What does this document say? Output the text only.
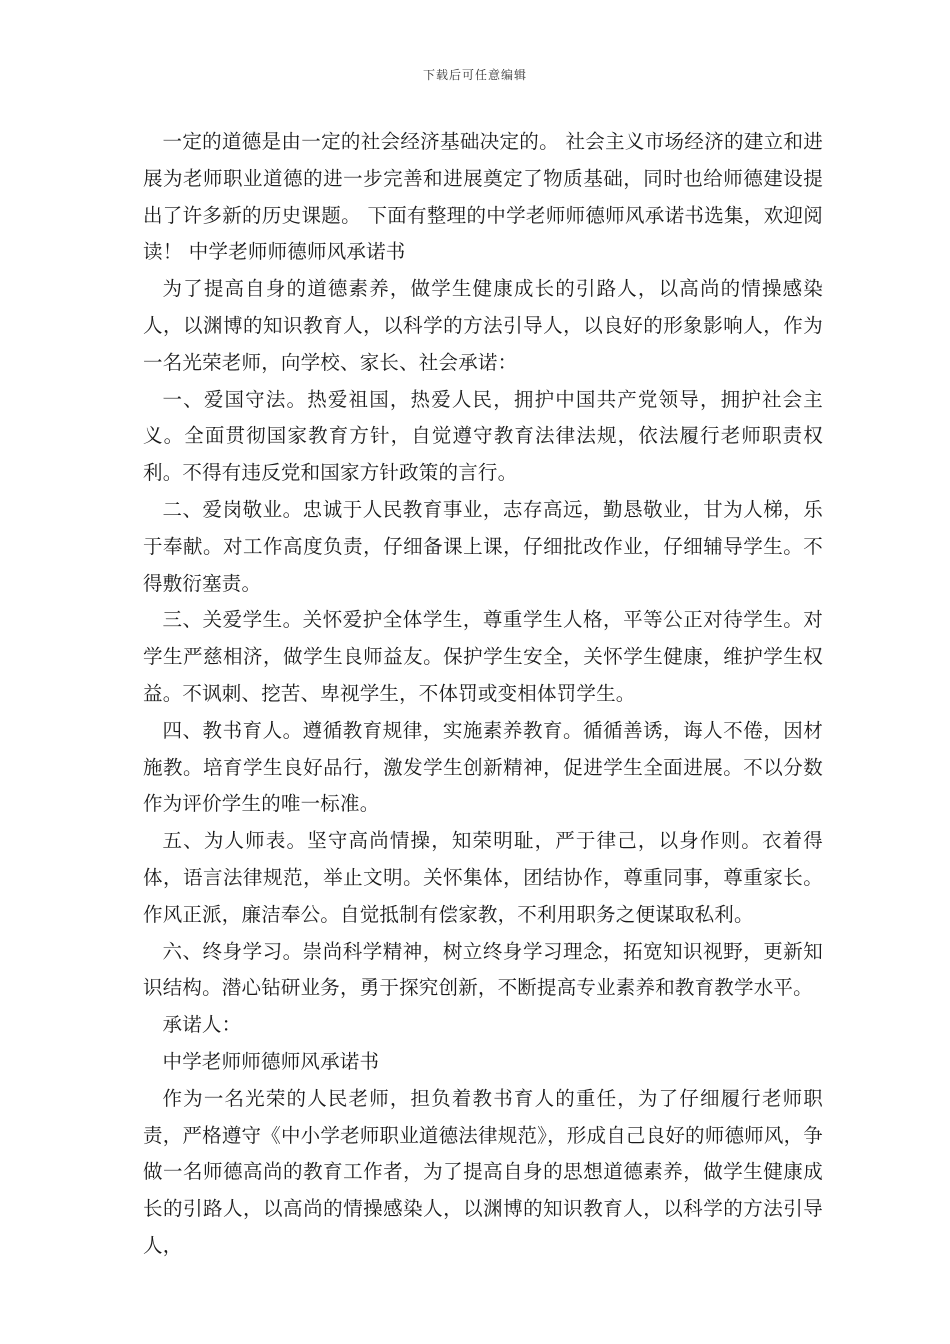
下载后可任意编辑

一定的道德是由一定的社会经济基础决定的。 社会主义市场经济的建立和进展为老师职业道德的进一步完善和进展奠定了物质基础，同时也给师德建设提出了许多新的历史课题。 下面有整理的中学老师师德师风承诺书选集，欢迎阅读！ 中学老师师德师风承诺书

为了提高自身的道德素养，做学生健康成长的引路人，以高尚的情操感染人，以渊博的知识教育人，以科学的方法引导人，以良好的形象影响人，作为一名光荣老师，向学校、家长、社会承诺：

一、爱国守法。热爱祖国，热爱人民，拥护中国共产党领导，拥护社会主义。全面贯彻国家教育方针，自觉遵守教育法律法规，依法履行老师职责权利。不得有违反党和国家方针政策的言行。

二、爱岗敬业。忠诚于人民教育事业，志存高远，勤恳敬业，甘为人梯，乐于奉献。对工作高度负责，仔细备课上课，仔细批改作业，仔细辅导学生。不得敷衍塞责。

三、关爱学生。关怀爱护全体学生，尊重学生人格，平等公正对待学生。对学生严慈相济，做学生良师益友。保护学生安全，关怀学生健康，维护学生权益。不讽刺、挖苦、卑视学生，不体罚或变相体罚学生。

四、教书育人。遵循教育规律，实施素养教育。循循善诱，诲人不倦，因材施教。培育学生良好品行，激发学生创新精神，促进学生全面进展。不以分数作为评价学生的唯一标准。

五、为人师表。坚守高尚情操，知荣明耻，严于律己，以身作则。衣着得体，语言法律规范，举止文明。关怀集体，团结协作，尊重同事，尊重家长。作风正派，廉洁奉公。自觉抵制有偿家教，不利用职务之便谋取私利。

六、终身学习。崇尚科学精神，树立终身学习理念，拓宽知识视野，更新知识结构。潜心钻研业务，勇于探究创新，不断提高专业素养和教育教学水平。

承诺人：

中学老师师德师风承诺书

作为一名光荣的人民老师，担负着教书育人的重任，为了仔细履行老师职责，严格遵守《中小学老师职业道德法律规范》，形成自己良好的师德师风，争做一名师德高尚的教育工作者，为了提高自身的思想道德素养，做学生健康成长的引路人，以高尚的情操感染人，以渊博的知识教育人，以科学的方法引导人，
